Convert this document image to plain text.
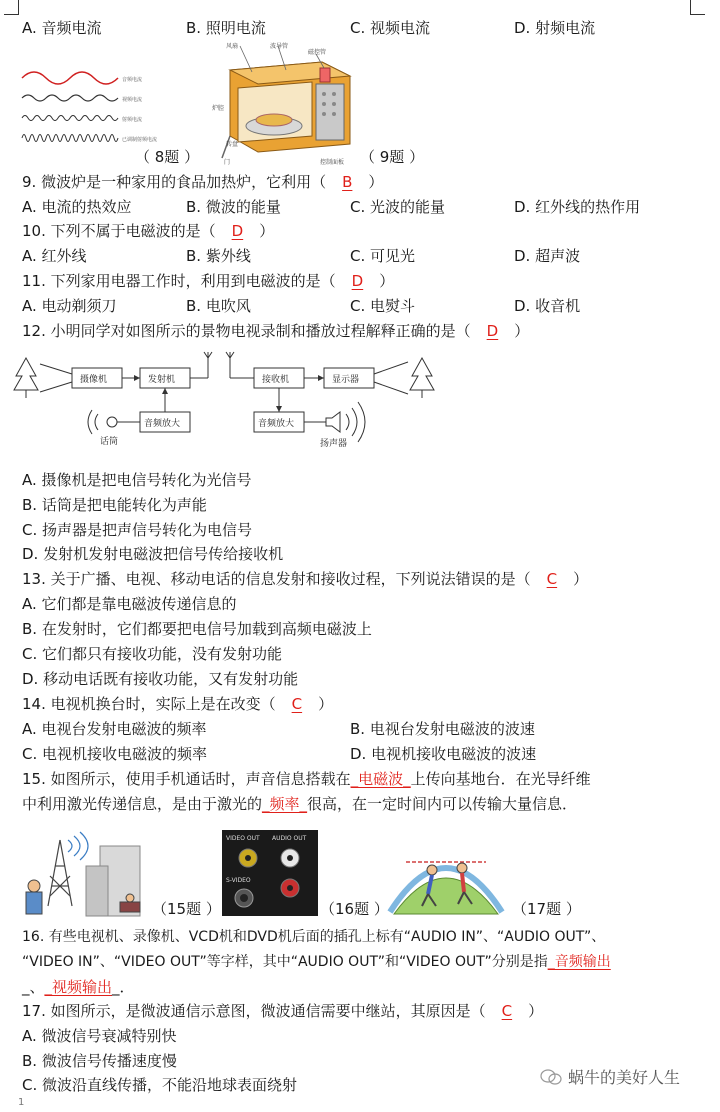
A. 音频电流	B. 照明电流	C. 视频电流	D. 射频电流
音频电流
视频电流
射频电流
已调制射频电流
（ 8题 ）
风扇	波导管
磁控管
炉腔
转盘
门	控制面板 （ 9题 ）
9. 微波炉是一种家用的食品加热炉，它利用（ B ）
A. 电流的热效应	B. 微波的能量	C. 光波的能量	D. 红外线的热作用
10. 下列不属于电磁波的是（ D ）
A. 红外线	B. 紫外线	C. 可见光	D. 超声波
11. 下列家用电器工作时，利用到电磁波的是（ D ）
A. 电动剃须刀	B. 电吹风	C. 电熨斗	D. 收音机
12. 小明同学对如图所示的景物电视录制和播放过程解释正确的是（ D ）
摄像机	发射机
话筒
音频放大
接收机	显示器
音频放大
扬声器
A. 摄像机是把电信号转化为光信号
B. 话筒是把电能转化为声能
C. 扬声器是把声信号转化为电信号
D. 发射机发射电磁波把信号传给接收机
13. 关于广播、电视、移动电话的信息发射和接收过程，下列说法错误的是（ C ）
A. 它们都是靠电磁波传递信息的
B. 在发射时，它们都要把电信号加载到高频电磁波上
C. 它们都只有接收功能，没有发射功能
D. 移动电话既有接收功能，又有发射功能
14. 电视机换台时，实际上是在改变（ C ）
A. 电视台发射电磁波的频率	B. 电视台发射电磁波的波速
C. 电视机接收电磁波的频率	D. 电视机接收电磁波的波速
15. 如图所示，使用手机通话时，声音信息搭载在_电磁波_上传向基地台．在光导纤维
中利用激光传递信息，是由于激光的_频率_很高，在一定时间内可以传输大量信息．
（15题 ）
VIDEO OUT AUDIO OUT
S-VIDEO
（16题 ）	（17题 ）
16. 有些电视机、录像机、VCD机和DVD机后面的插孔上标有“AUDIO IN”、“AUDIO OUT”、
“VIDEO IN”、“VIDEO OUT”等字样，其中“AUDIO OUT”和“VIDEO OUT”分别是指_音频输出
_、_视频输出_．
17. 如图所示，是微波通信示意图，微波通信需要中继站，其原因是（ C ）
A. 微波信号衰减特别快
B. 微波信号传播速度慢
C. 微波沿直线传播，不能沿地球表面绕射	蜗牛的美好人生
1
